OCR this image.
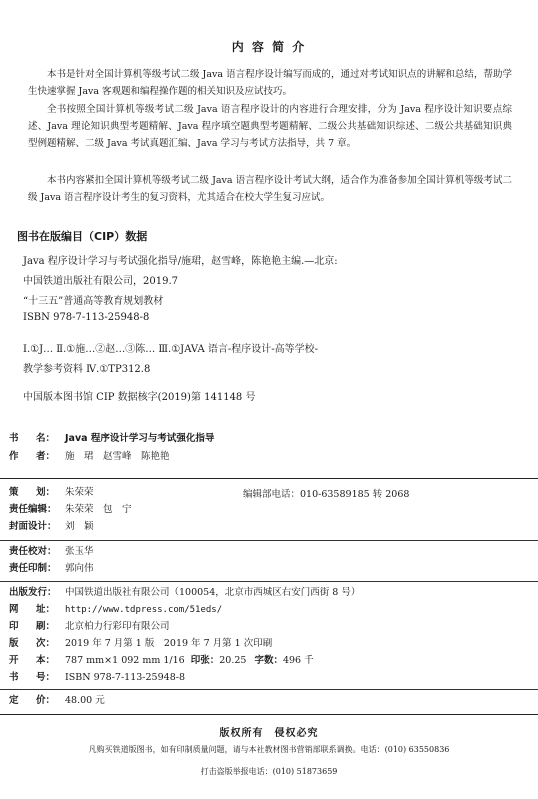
内 容 简 介

本书是针对全国计算机等级考试二级 Java 语言程序设计编写而成的，通过对考试知识点的讲解和总结，帮助学生快速掌握 Java 客观题和编程操作题的相关知识及应试技巧。

全书按照全国计算机等级考试二级 Java 语言程序设计的内容进行合理安排，分为 Java 程序设计知识要点综述、Java 理论知识典型考题精解、Java 程序填空题典型考题精解、二级公共基础知识综述、二级公共基础知识典型例题精解、二级 Java 考试真题汇编、Java 学习与考试方法指导，共 7 章。

本书内容紧扣全国计算机等级考试二级 Java 语言程序设计考试大纲，适合作为准备参加全国计算机等级考试二级 Java 语言程序设计考生的复习资料，尤其适合在校大学生复习应试。

图书在版编目（CIP）数据
Java 程序设计学习与考试强化指导/施珺，赵雪峰，陈艳艳主编.—北京:
中国铁道出版社有限公司，2019.7
“十三五”普通高等教育规划教材
ISBN 978-7-113-25948-8
Ⅰ.①J… Ⅱ.①施…②赵…③陈… Ⅲ.①JAVA 语言-程序设计-高等学校-
教学参考资料 Ⅳ.①TP312.8
中国版本图书馆 CIP 数据核字(2019)第 141148 号
书 名： Java 程序设计学习与考试强化指导
作 者： 施　珺　赵雪峰　陈艳艳
策 划： 朱荣荣	编辑部电话：010-63589185 转 2068
责任编辑： 朱荣荣　包　宁
封面设计： 刘　颖
责任校对： 张玉华
责任印制： 郭向伟
出版发行： 中国铁道出版社有限公司（100054，北京市西城区右安门西街 8 号）
网 址： http://www.tdpress.com/51eds/
印 刷： 北京柏力行彩印有限公司
版 次： 2019 年 7 月第 1 版　2019 年 7 月第 1 次印刷
开 本： 787 mm×1 092 mm 1/16 印张：20.25 字数：496 千
书 号： ISBN 978-7-113-25948-8
定 价： 48.00 元
版权所有　侵权必究
凡购买铁道版图书，如有印制质量问题，请与本社教材图书营销部联系调换。电话：(010) 63550836
打击盗版举报电话：(010) 51873659
